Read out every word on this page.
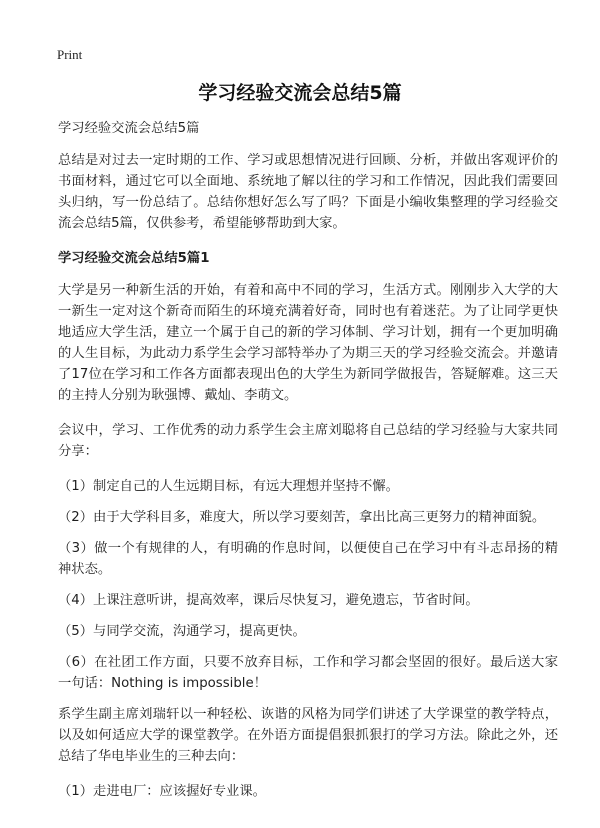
Print
学习经验交流会总结5篇

学习经验交流会总结5篇

总结是对过去一定时期的工作、学习或思想情况进行回顾、分析，并做出客观评价的书面材料，通过它可以全面地、系统地了解以往的学习和工作情况，因此我们需要回头归纳，写一份总结了。总结你想好怎么写了吗？下面是小编收集整理的学习经验交流会总结5篇，仅供参考，希望能够帮助到大家。

学习经验交流会总结5篇1

大学是另一种新生活的开始，有着和高中不同的学习，生活方式。刚刚步入大学的大一新生一定对这个新奇而陌生的环境充满着好奇，同时也有着迷茫。为了让同学更快地适应大学生活，建立一个属于自己的新的学习体制、学习计划，拥有一个更加明确的人生目标，为此动力系学生会学习部特举办了为期三天的学习经验交流会。并邀请了17位在学习和工作各方面都表现出色的大学生为新同学做报告，答疑解难。这三天的主持人分别为耿强博、戴灿、李萌文。

会议中，学习、工作优秀的动力系学生会主席刘聪将自己总结的学习经验与大家共同分享：

（1）制定自己的人生远期目标，有远大理想并坚持不懈。

（2）由于大学科目多，难度大，所以学习要刻苦，拿出比高三更努力的精神面貌。

（3）做一个有规律的人，有明确的作息时间，以便使自己在学习中有斗志昂扬的精神状态。

（4）上课注意听讲，提高效率，课后尽快复习，避免遗忘，节省时间。

（5）与同学交流，沟通学习，提高更快。

（6）在社团工作方面，只要不放弃目标，工作和学习都会坚固的很好。最后送大家一句话：Nothing is impossible！

系学生副主席刘瑞轩以一种轻松、诙谐的风格为同学们讲述了大学课堂的教学特点，以及如何适应大学的课堂教学。在外语方面提倡狠抓狠打的学习方法。除此之外，还总结了华电毕业生的三种去向：

（1）走进电厂：应该握好专业课。
